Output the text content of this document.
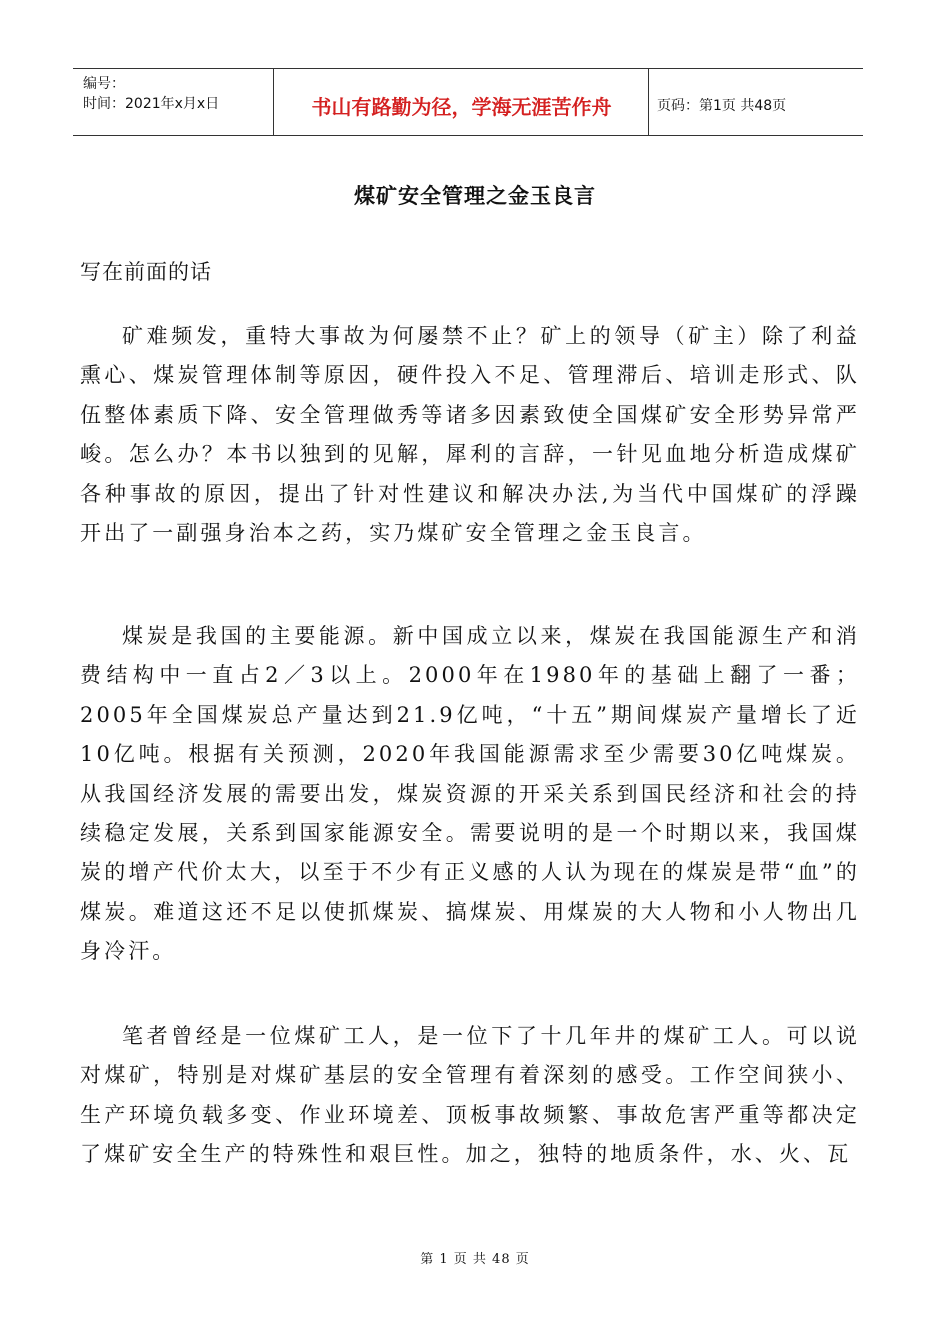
编号：
时间：2021年x月x日	书山有路勤为径，学海无涯苦作舟	页码：第1页 共48页
煤矿安全管理之金玉良言
写在前面的话
矿难频发，重特大事故为何屡禁不止？矿上的领导（矿主）除了利益熏心、煤炭管理体制等原因，硬件投入不足、管理滞后、培训走形式、队伍整体素质下降、安全管理做秀等诸多因素致使全国煤矿安全形势异常严峻。怎么办？本书以独到的见解，犀利的言辞，一针见血地分析造成煤矿各种事故的原因，提出了针对性建议和解决办法,为当代中国煤矿的浮躁开出了一副强身治本之药，实乃煤矿安全管理之金玉良言。
煤炭是我国的主要能源。新中国成立以来，煤炭在我国能源生产和消费结构中一直占2／3以上。2000年在1980年的基础上翻了一番；2005年全国煤炭总产量达到21.9亿吨，“十五”期间煤炭产量增长了近10亿吨。根据有关预测，2020年我国能源需求至少需要30亿吨煤炭。从我国经济发展的需要出发，煤炭资源的开采关系到国民经济和社会的持续稳定发展，关系到国家能源安全。需要说明的是一个时期以来，我国煤炭的增产代价太大，以至于不少有正义感的人认为现在的煤炭是带“血”的煤炭。难道这还不足以使抓煤炭、搞煤炭、用煤炭的大人物和小人物出几身冷汗。
笔者曾经是一位煤矿工人，是一位下了十几年井的煤矿工人。可以说对煤矿，特别是对煤矿基层的安全管理有着深刻的感受。工作空间狭小、生产环境负载多变、作业环境差、顶板事故频繁、事故危害严重等都决定了煤矿安全生产的特殊性和艰巨性。加之，独特的地质条件，水、火、瓦
第 1 页 共 48 页
